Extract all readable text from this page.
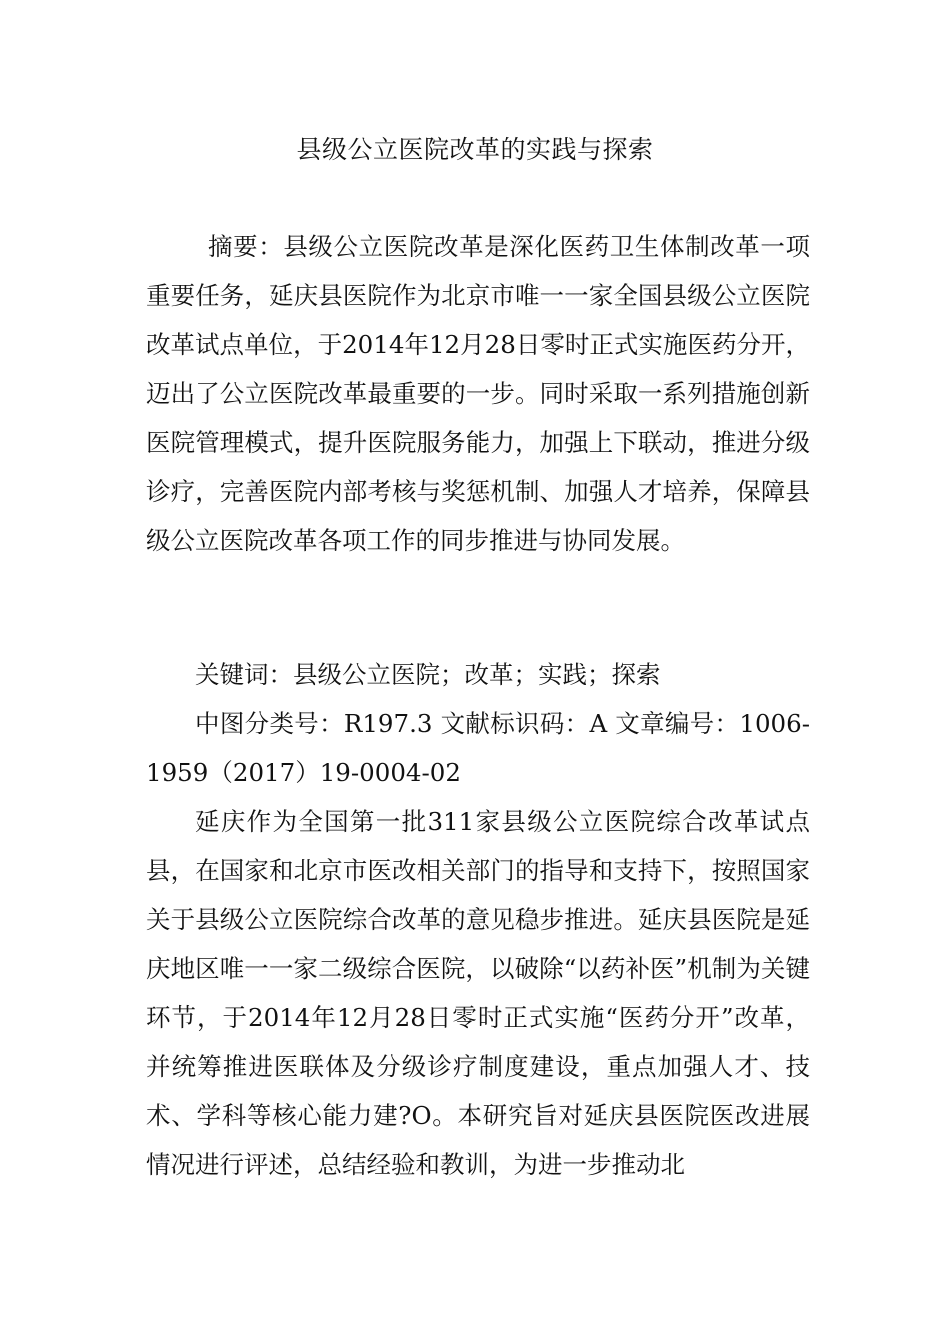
县级公立医院改革的实践与探索

摘要：县级公立医院改革是深化医药卫生体制改革一项重要任务，延庆县医院作为北京市唯一一家全国县级公立医院改革试点单位，于2014年12月28日零时正式实施医药分开，迈出了公立医院改革最重要的一步。同时采取一系列措施创新医院管理模式，提升医院服务能力，加强上下联动，推进分级诊疗，完善医院内部考核与奖惩机制、加强人才培养，保障县级公立医院改革各项工作的同步推进与协同发展。

关键词：县级公立医院；改革；实践；探索

中图分类号：R197.3 文献标识码：A 文章编号：1006-1959（2017）19-0004-02

延庆作为全国第一批311家县级公立医院综合改革试点县，在国家和北京市医改相关部门的指导和支持下，按照国家关于县级公立医院综合改革的意见稳步推进。延庆县医院是延庆地区唯一一家二级综合医院，以破除“以药补医”机制为关键环节，于2014年12月28日零时正式实施“医药分开”改革，并统筹推进医联体及分级诊疗制度建设，重点加强人才、技术、学科等核心能力建?O。本研究旨对延庆县医院医改进展情况进行评述，总结经验和教训，为进一步推动北
